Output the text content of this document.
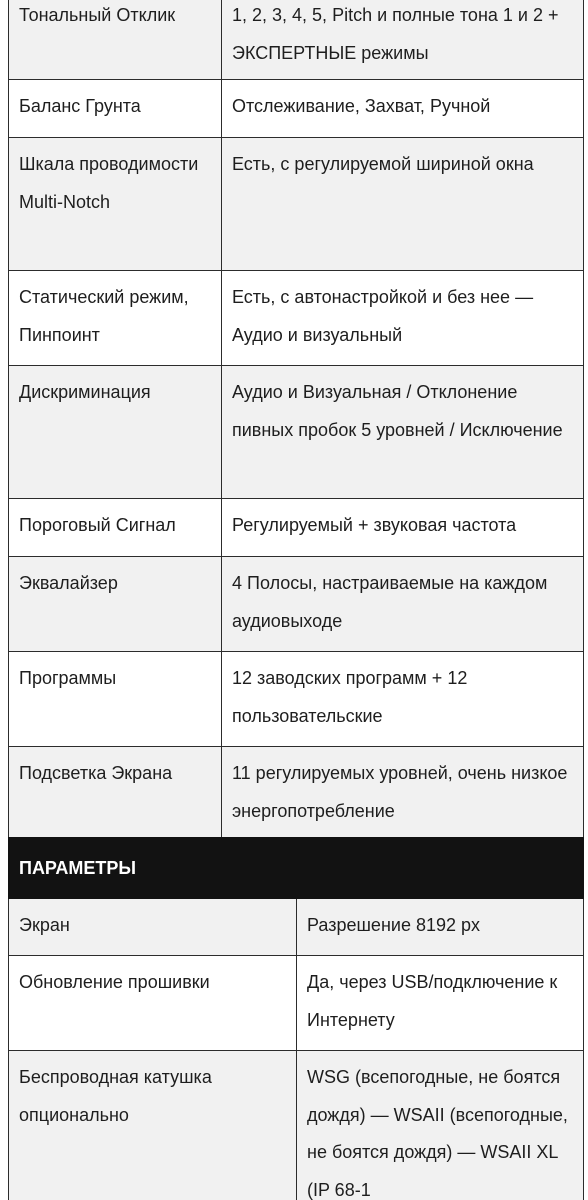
Тональный Отклик	1, 2, 3, 4, 5, Pitch и полные тона 1 и 2 + ЭКСПЕРТНЫЕ режимы
Баланс Грунта	Отслеживание, Захват, Ручной
Шкала проводимости Multi-Notch	Есть, с регулируемой шириной окна
Статический режим, Пинпоинт	Есть, с автонастройкой и без нее — Аудио и визуальный
Дискриминация	Аудио и Визуальная / Отклонение пивных пробок 5 уровней / Исключение
Пороговый Сигнал	Регулируемый + звуковая частота
Эквалайзер	4 Полосы, настраиваемые на каждом аудиовыходе
Программы	12 заводских программ + 12 пользовательские
Подсветка Экрана	11 регулируемых уровней, очень низкое энергопотребление
ПАРАМЕТРЫ	
Экран	Разрешение 8192 px
Обновление прошивки	Да, через USB/подключение к Интернету
Беспроводная катушка опционально	WSG (всепогодные, не боятся дождя) — WSAII (всепогодные, не боятся дождя) — WSAII XL (IP 68-1
